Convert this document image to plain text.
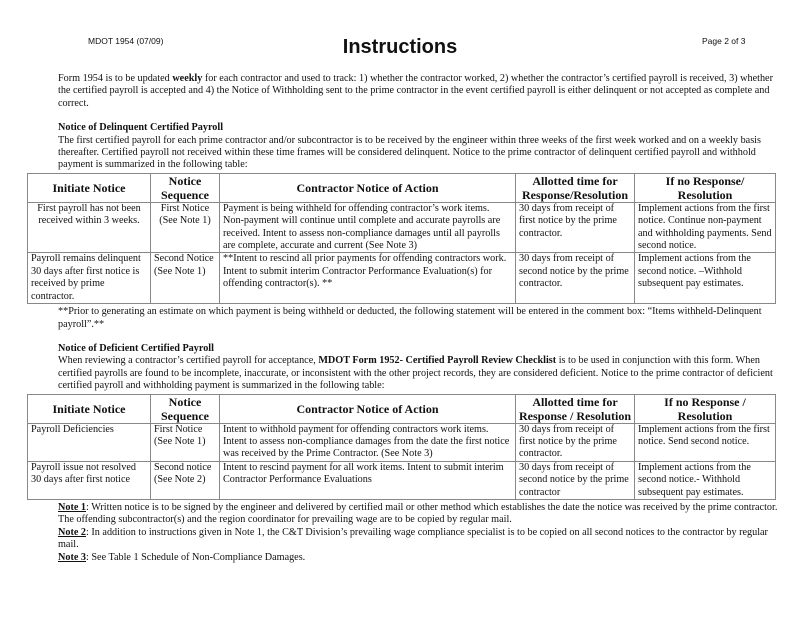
MDOT 1954 (07/09)	Instructions	Page 2 of 3
Form 1954 is to be updated weekly for each contractor and used to track: 1) whether the contractor worked, 2) whether the contractor’s certified payroll is received, 3) whether the certified payroll is accepted and 4) the Notice of Withholding sent to the prime contractor in the event certified payroll is either delinquent or not accepted as complete and correct.
Notice of Delinquent Certified Payroll
The first certified payroll for each prime contractor and/or subcontractor is to be received by the engineer within three weeks of the first week worked and on a weekly basis thereafter. Certified payroll not received within these time frames will be considered delinquent. Notice to the prime contractor of delinquent certified payroll and withhold payment is summarized in the following table:
Initiate Notice	Notice Sequence	Contractor Notice of Action	Allotted time for Response/Resolution	If no Response/ Resolution
First payroll has not been received within 3 weeks.	First Notice (See Note 1)	Payment is being withheld for offending contractor’s work items. Non-payment will continue until complete and accurate payrolls are received. Intent to assess non-compliance damages until all payrolls are complete, accurate and current (See Note 3)	30 days from receipt of first notice by the prime contractor.	Implement actions from the first notice. Continue non-payment and withholding payments. Send second notice.
Payroll remains delinquent 30 days after first notice is received by prime contractor.	Second Notice (See Note 1)	**Intent to rescind all prior payments for offending contractors work. Intent to submit interim Contractor Performance Evaluation(s) for offending contractor(s). **	30 days from receipt of second notice by the prime contractor.	Implement actions from the second notice. –Withhold subsequent pay estimates.
**Prior to generating an estimate on which payment is being withheld or deducted, the following statement will be entered in the comment box: “Items withheld-Delinquent payroll”.**
Notice of Deficient Certified Payroll
When reviewing a contractor’s certified payroll for acceptance, MDOT Form 1952- Certified Payroll Review Checklist is to be used in conjunction with this form. When certified payrolls are found to be incomplete, inaccurate, or inconsistent with the other project records, they are considered deficient. Notice to the prime contractor of deficient certified payroll and withholding payment is summarized in the following table:
Initiate Notice	Notice Sequence	Contractor Notice of Action	Allotted time for Response / Resolution	If no Response / Resolution
Payroll Deficiencies	First Notice (See Note 1)	Intent to withhold payment for offending contractors work items. Intent to assess non-compliance damages from the date the first notice was received by the Prime Contractor. (See Note 3)	30 days from receipt of first notice by the prime contractor.	Implement actions from the first notice. Send second notice.
Payroll issue not resolved 30 days after first notice	Second notice (See Note 2)	Intent to rescind payment for all work items. Intent to submit interim Contractor Performance Evaluations	30 days from receipt of second notice by the prime contractor	Implement actions from the second notice.- Withhold subsequent pay estimates.
Note 1: Written notice is to be signed by the engineer and delivered by certified mail or other method which establishes the date the notice was received by the prime contractor. The offending subcontractor(s) and the region coordinator for prevailing wage are to be copied by regular mail.
Note 2: In addition to instructions given in Note 1, the C&T Division’s prevailing wage compliance specialist is to be copied on all second notices to the contractor by regular mail.
Note 3: See Table 1 Schedule of Non-Compliance Damages.
